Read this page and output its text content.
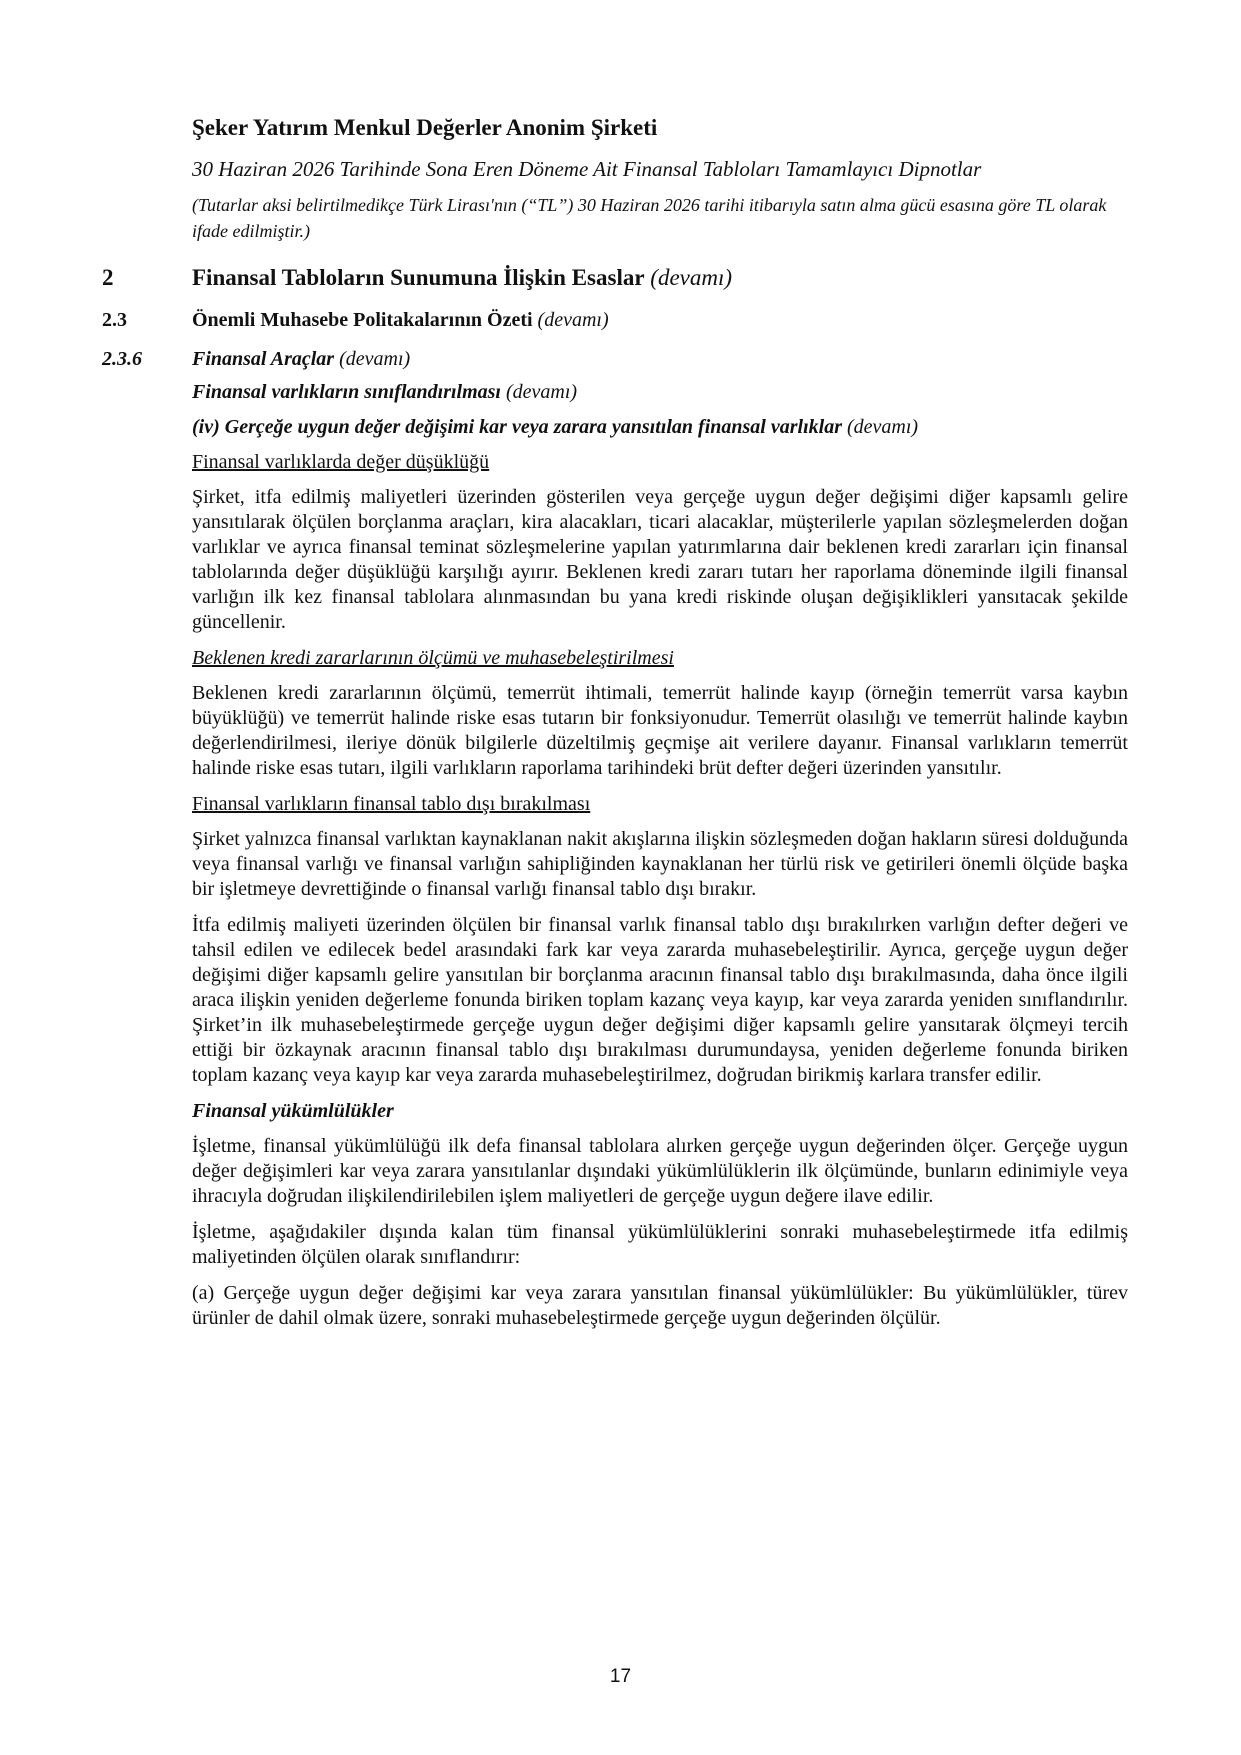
Şeker Yatırım Menkul Değerler Anonim Şirketi
30 Haziran 2026 Tarihinde Sona Eren Döneme Ait Finansal Tabloları Tamamlayıcı Dipnotlar
(Tutarlar aksi belirtilmedikçe Türk Lirası'nın (“TL”) 30 Haziran 2026 tarihi itibarıyla satın alma gücü esasına göre TL olarak ifade edilmiştir.)
2	Finansal Tabloların Sunumuna İlişkin Esaslar (devamı)
2.3	Önemli Muhasebe Politakalarının Özeti (devamı)
2.3.6	Finansal Araçlar (devamı)
Finansal varlıkların sınıflandırılması (devamı)
(iv) Gerçeğe uygun değer değişimi kar veya zarara yansıtılan finansal varlıklar (devamı)
Finansal varlıklarda değer düşüklüğü

Şirket, itfa edilmiş maliyetleri üzerinden gösterilen veya gerçeğe uygun değer değişimi diğer kapsamlı gelire yansıtılarak ölçülen borçlanma araçları, kira alacakları, ticari alacaklar, müşterilerle yapılan sözleşmelerden doğan varlıklar ve ayrıca finansal teminat sözleşmelerine yapılan yatırımlarına dair beklenen kredi zararları için finansal tablolarında değer düşüklüğü karşılığı ayırır. Beklenen kredi zararı tutarı her raporlama döneminde ilgili finansal varlığın ilk kez finansal tablolara alınmasından bu yana kredi riskinde oluşan değişiklikleri yansıtacak şekilde güncellenir.

Beklenen kredi zararlarının ölçümü ve muhasebeleştirilmesi

Beklenen kredi zararlarının ölçümü, temerrüt ihtimali, temerrüt halinde kayıp (örneğin temerrüt varsa kaybın büyüklüğü) ve temerrüt halinde riske esas tutarın bir fonksiyonudur. Temerrüt olasılığı ve temerrüt halinde kaybın değerlendirilmesi, ileriye dönük bilgilerle düzeltilmiş geçmişe ait verilere dayanır. Finansal varlıkların temerrüt halinde riske esas tutarı, ilgili varlıkların raporlama tarihindeki brüt defter değeri üzerinden yansıtılır.

Finansal varlıkların finansal tablo dışı bırakılması

Şirket yalnızca finansal varlıktan kaynaklanan nakit akışlarına ilişkin sözleşmeden doğan hakların süresi dolduğunda veya finansal varlığı ve finansal varlığın sahipliğinden kaynaklanan her türlü risk ve getirileri önemli ölçüde başka bir işletmeye devrettiğinde o finansal varlığı finansal tablo dışı bırakır.

İtfa edilmiş maliyeti üzerinden ölçülen bir finansal varlık finansal tablo dışı bırakılırken varlığın defter değeri ve tahsil edilen ve edilecek bedel arasındaki fark kar veya zararda muhasebeleştirilir. Ayrıca, gerçeğe uygun değer değişimi diğer kapsamlı gelire yansıtılan bir borçlanma aracının finansal tablo dışı bırakılmasında, daha önce ilgili araca ilişkin yeniden değerleme fonunda biriken toplam kazanç veya kayıp, kar veya zararda yeniden sınıflandırılır. Şirket’in ilk muhasebeleştirmede gerçeğe uygun değer değişimi diğer kapsamlı gelire yansıtarak ölçmeyi tercih ettiği bir özkaynak aracının finansal tablo dışı bırakılması durumundaysa, yeniden değerleme fonunda biriken toplam kazanç veya kayıp kar veya zararda muhasebeleştirilmez, doğrudan birikmiş karlara transfer edilir.

Finansal yükümlülükler

İşletme, finansal yükümlülüğü ilk defa finansal tablolara alırken gerçeğe uygun değerinden ölçer. Gerçeğe uygun değer değişimleri kar veya zarara yansıtılanlar dışındaki yükümlülüklerin ilk ölçümünde, bunların edinimiyle veya ihracıyla doğrudan ilişkilendirilebilen işlem maliyetleri de gerçeğe uygun değere ilave edilir.

İşletme, aşağıdakiler dışında kalan tüm finansal yükümlülüklerini sonraki muhasebeleştirmede itfa edilmiş maliyetinden ölçülen olarak sınıflandırır:

(a) Gerçeğe uygun değer değişimi kar veya zarara yansıtılan finansal yükümlülükler: Bu yükümlülükler, türev ürünler de dahil olmak üzere, sonraki muhasebeleştirmede gerçeğe uygun değerinden ölçülür.

17
